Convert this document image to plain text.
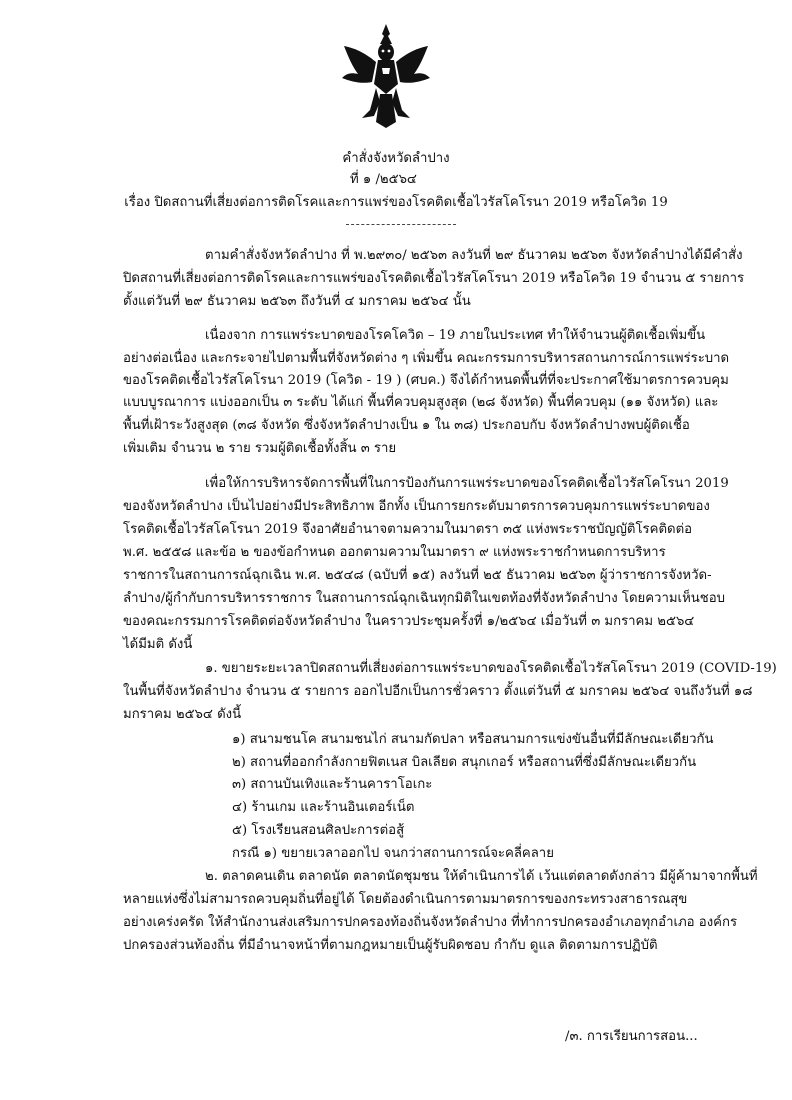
คำสั่งจังหวัดลำปาง
ที่ ๑ /๒๕๖๔
เรื่อง ปิดสถานที่เสี่ยงต่อการติดโรคและการแพร่ของโรคติดเชื้อไวรัสโคโรนา 2019 หรือโควิด 19
ตามคำสั่งจังหวัดลำปาง ที่ พ.๒๙๓๐/ ๒๕๖๓ ลงวันที่ ๒๙ ธันวาคม ๒๕๖๓ จังหวัดลำปางได้มีคำสั่ง
ปิดสถานที่เสี่ยงต่อการติดโรคและการแพร่ของโรคติดเชื้อไวรัสโคโรนา 2019 หรือโควิด 19 จำนวน ๕ รายการ
ตั้งแต่วันที่ ๒๙ ธันวาคม ๒๕๖๓ ถึงวันที่ ๔ มกราคม ๒๕๖๔ นั้น
เนื่องจาก การแพร่ระบาดของโรคโควิด – 19 ภายในประเทศ ทำให้จำนวนผู้ติดเชื้อเพิ่มขึ้น
อย่างต่อเนื่อง และกระจายไปตามพื้นที่จังหวัดต่าง ๆ เพิ่มขึ้น คณะกรรมการบริหารสถานการณ์การแพร่ระบาด
ของโรคติดเชื้อไวรัสโคโรนา 2019 (โควิด - 19 ) (ศบค.) จึงได้กำหนดพื้นที่ที่จะประกาศใช้มาตรการควบคุม
แบบบูรณาการ แบ่งออกเป็น ๓ ระดับ ได้แก่ พื้นที่ควบคุมสูงสุด (๒๘ จังหวัด) พื้นที่ควบคุม (๑๑ จังหวัด) และ
พื้นที่เฝ้าระวังสูงสุด (๓๘ จังหวัด ซึ่งจังหวัดลำปางเป็น ๑ ใน ๓๘) ประกอบกับ จังหวัดลำปางพบผู้ติดเชื้อ
เพิ่มเติม จำนวน ๒ ราย รวมผู้ติดเชื้อทั้งสิ้น ๓ ราย
เพื่อให้การบริหารจัดการพื้นที่ในการป้องกันการแพร่ระบาดของโรคติดเชื้อไวรัสโคโรนา 2019
ของจังหวัดลำปาง เป็นไปอย่างมีประสิทธิภาพ อีกทั้ง เป็นการยกระดับมาตรการควบคุมการแพร่ระบาดของ
โรคติดเชื้อไวรัสโคโรนา 2019 จึงอาศัยอำนาจตามความในมาตรา ๓๕ แห่งพระราชบัญญัติโรคติดต่อ
พ.ศ. ๒๕๕๘ และข้อ ๒ ของข้อกำหนด ออกตามความในมาตรา ๙ แห่งพระราชกำหนดการบริหาร
ราชการในสถานการณ์ฉุกเฉิน พ.ศ. ๒๕๔๘ (ฉบับที่ ๑๕) ลงวันที่ ๒๕ ธันวาคม ๒๕๖๓ ผู้ว่าราชการจังหวัด-
ลำปาง/ผู้กำกับการบริหารราชการ ในสถานการณ์ฉุกเฉินทุกมิติในเขตท้องที่จังหวัดลำปาง โดยความเห็นชอบ
ของคณะกรรมการโรคติดต่อจังหวัดลำปาง ในคราวประชุมครั้งที่ ๑/๒๕๖๔ เมื่อวันที่ ๓ มกราคม ๒๕๖๔
ได้มีมติ ดังนี้
๑. ขยายระยะเวลาปิดสถานที่เสี่ยงต่อการแพร่ระบาดของโรคติดเชื้อไวรัสโคโรนา 2019 (COVID-19)
ในพื้นที่จังหวัดลำปาง จำนวน ๕ รายการ ออกไปอีกเป็นการชั่วคราว ตั้งแต่วันที่ ๕ มกราคม ๒๕๖๔ จนถึงวันที่ ๑๘
มกราคม ๒๕๖๔ ดังนี้
๑) สนามชนโค สนามชนไก่ สนามกัดปลา หรือสนามการแข่งขันอื่นที่มีลักษณะเดียวกัน
๒) สถานที่ออกกำลังกายฟิตเนส บิลเลียด สนุกเกอร์ หรือสถานที่ซึ่งมีลักษณะเดียวกัน
๓) สถานบันเทิงและร้านคาราโอเกะ
๔) ร้านเกม และร้านอินเตอร์เน็ต
๕) โรงเรียนสอนศิลปะการต่อสู้
กรณี ๑) ขยายเวลาออกไป จนกว่าสถานการณ์จะคลี่คลาย
๒. ตลาดคนเดิน ตลาดนัด ตลาดนัดชุมชน ให้ดำเนินการได้ เว้นแต่ตลาดดังกล่าว มีผู้ค้ามาจากพื้นที่
หลายแห่งซึ่งไม่สามารถควบคุมถิ่นที่อยู่ได้ โดยต้องดำเนินการตามมาตรการของกระทรวงสาธารณสุข
อย่างเคร่งครัด ให้สำนักงานส่งเสริมการปกครองท้องถิ่นจังหวัดลำปาง ที่ทำการปกครองอำเภอทุกอำเภอ องค์กร
ปกครองส่วนท้องถิ่น ที่มีอำนาจหน้าที่ตามกฎหมายเป็นผู้รับผิดชอบ กำกับ ดูแล ติดตามการปฏิบัติ
/๓. การเรียนการสอน...
